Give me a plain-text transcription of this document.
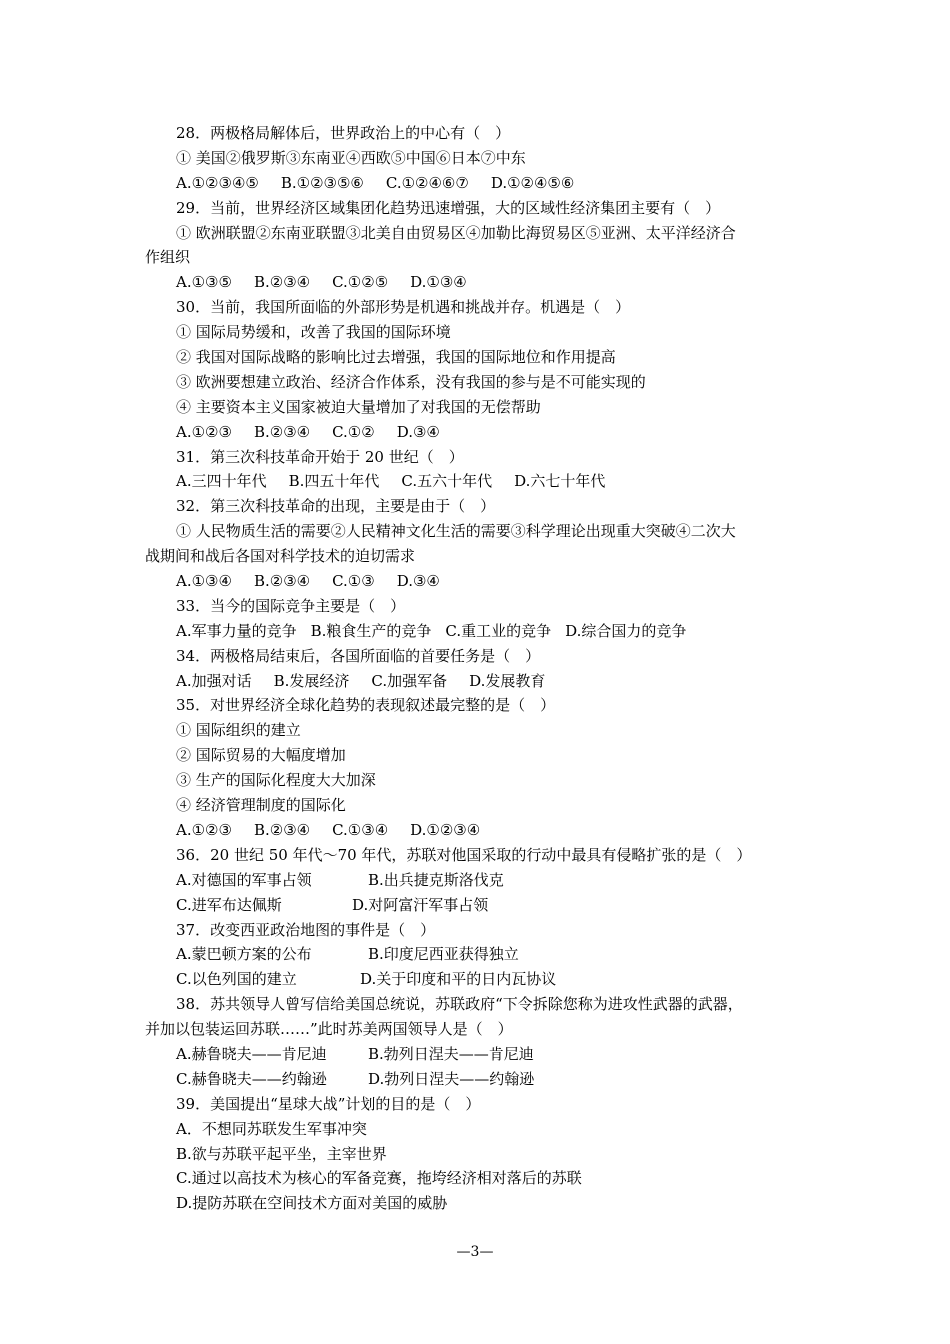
28．两极格局解体后，世界政治上的中心有（　）
① 美国②俄罗斯③东南亚④西欧⑤中国⑥日本⑦中东
A.①②③④⑤ B.①②③⑤⑥ C.①②④⑥⑦ D.①②④⑤⑥
29．当前，世界经济区域集团化趋势迅速增强，大的区域性经济集团主要有（　）
① 欧洲联盟②东南亚联盟③北美自由贸易区④加勒比海贸易区⑤亚洲、太平洋经济合
作组织
A.①③⑤ B.②③④ C.①②⑤ D.①③④
30．当前，我国所面临的外部形势是机遇和挑战并存。机遇是（　）
① 国际局势缓和，改善了我国的国际环境
② 我国对国际战略的影响比过去增强，我国的国际地位和作用提高
③ 欧洲要想建立政治、经济合作体系，没有我国的参与是不可能实现的
④ 主要资本主义国家被迫大量增加了对我国的无偿帮助
A.①②③ B.②③④ C.①② D.③④
31．第三次科技革命开始于 20 世纪（　）
A.三四十年代 B.四五十年代 C.五六十年代 D.六七十年代
32．第三次科技革命的出现，主要是由于（　）
① 人民物质生活的需要②人民精神文化生活的需要③科学理论出现重大突破④二次大
战期间和战后各国对科学技术的迫切需求
A.①③④ B.②③④ C.①③ D.③④
33．当今的国际竞争主要是（　）
A.军事力量的竞争 B.粮食生产的竞争 C.重工业的竞争 D.综合国力的竞争
34．两极格局结束后，各国所面临的首要任务是（　）
A.加强对话 B.发展经济 C.加强军备 D.发展教育
35．对世界经济全球化趋势的表现叙述最完整的是（　）
① 国际组织的建立
② 国际贸易的大幅度增加
③ 生产的国际化程度大大加深
④ 经济管理制度的国际化
A.①②③ B.②③④ C.①③④ D.①②③④
36．20 世纪 50 年代～70 年代，苏联对他国采取的行动中最具有侵略扩张的是（　）
A.对德国的军事占领	B.出兵捷克斯洛伐克
C.进军布达佩斯	D.对阿富汗军事占领
37．改变西亚政治地图的事件是（　）
A.蒙巴顿方案的公布	B.印度尼西亚获得独立
C.以色列国的建立	D.关于印度和平的日内瓦协议
38．苏共领导人曾写信给美国总统说，苏联政府“下令拆除您称为进攻性武器的武器，
并加以包装运回苏联……”此时苏美两国领导人是（　）
A.赫鲁晓夫——肯尼迪	B.勃列日涅夫——肯尼迪
C.赫鲁晓夫——约翰逊	D.勃列日涅夫——约翰逊
39．美国提出“星球大战”计划的目的是（　）
A．不想同苏联发生军事冲突
B.欲与苏联平起平坐，主宰世界
C.通过以高技术为核心的军备竞赛，拖垮经济相对落后的苏联
D.提防苏联在空间技术方面对美国的威胁
—3—
